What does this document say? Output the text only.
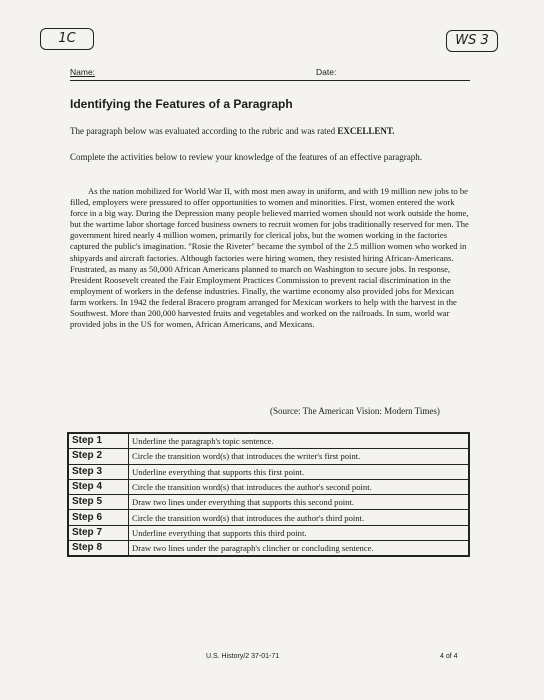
1C	WS 3
Name:	Date:
Identifying the Features of a Paragraph

The paragraph below was evaluated according to the rubric and was rated EXCELLENT.

Complete the activities below to review your knowledge of the features of an effective paragraph.

As the nation mobilized for World War II, with most men away in uniform, and with 19 million new jobs to be filled, employers were pressured to offer opportunities to women and minorities. First, women entered the work force in a big way. During the Depression many people believed married women should not work outside the home, but the wartime labor shortage forced business owners to recruit women for jobs traditionally reserved for men. The government hired nearly 4 million women, primarily for clerical jobs, but the women working in the factories captured the public's imagination. "Rosie the Riveter" became the symbol of the 2.5 million women who worked in shipyards and aircraft factories. Although factories were hiring women, they resisted hiring African-Americans. Frustrated, as many as 50,000 African Americans planned to march on Washington to secure jobs. In response, President Roosevelt created the Fair Employment Practices Commission to prevent racial discrimination in the employment of workers in the defense industries. Finally, the wartime economy also provided jobs for Mexican farm workers. In 1942 the federal Bracero program arranged for Mexican workers to help with the harvest in the Southwest. More than 200,000 harvested fruits and vegetables and worked on the railroads. In sum, world war provided jobs in the US for women, African Americans, and Mexicans.

(Source: The American Vision: Modern Times)

Step 1	Underline the paragraph's topic sentence.
Step 2	Circle the transition word(s) that introduces the writer's first point.
Step 3	Underline everything that supports this first point.
Step 4	Circle the transition word(s) that introduces the author's second point.
Step 5	Draw two lines under everything that supports this second point.
Step 6	Circle the transition word(s) that introduces the author's third point.
Step 7	Underline everything that supports this third point.
Step 8	Draw two lines under the paragraph's clincher or concluding sentence.
U.S. History/2 37-01-71	4 of 4
